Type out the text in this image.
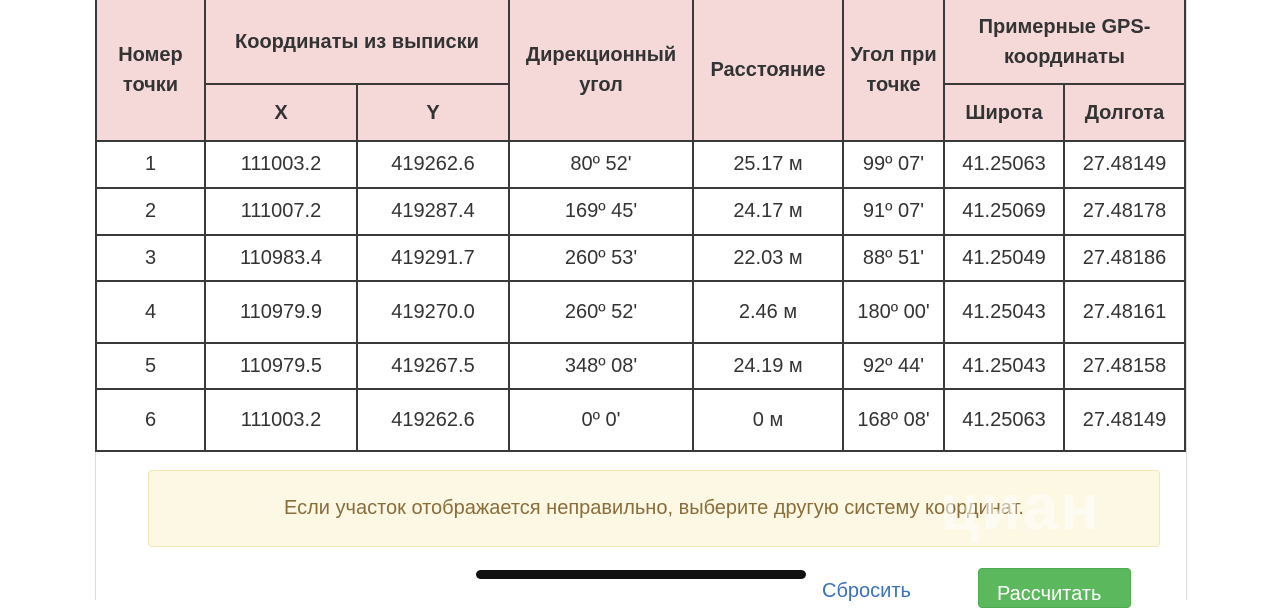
Номер точки	Координаты из выписки		Дирекционный угол	Расстояние	Угол при точке	Примерные GPS-координаты	
	X	Y				Широта	Долгота
1	111003.2	419262.6	80º 52'	25.17 м	99º 07'	41.25063	27.48149
2	111007.2	419287.4	169º 45'	24.17 м	91º 07'	41.25069	27.48178
3	110983.4	419291.7	260º 53'	22.03 м	88º 51'	41.25049	27.48186
4	110979.9	419270.0	260º 52'	2.46 м	180º 00'	41.25043	27.48161
5	110979.5	419267.5	348º 08'	24.19 м	92º 44'	41.25043	27.48158
6	111003.2	419262.6	0º 0'	0 м	168º 08'	41.25063	27.48149
Если участок отображается неправильно, выберите другую систему координат.
циан
Сбросить	Рассчитать
